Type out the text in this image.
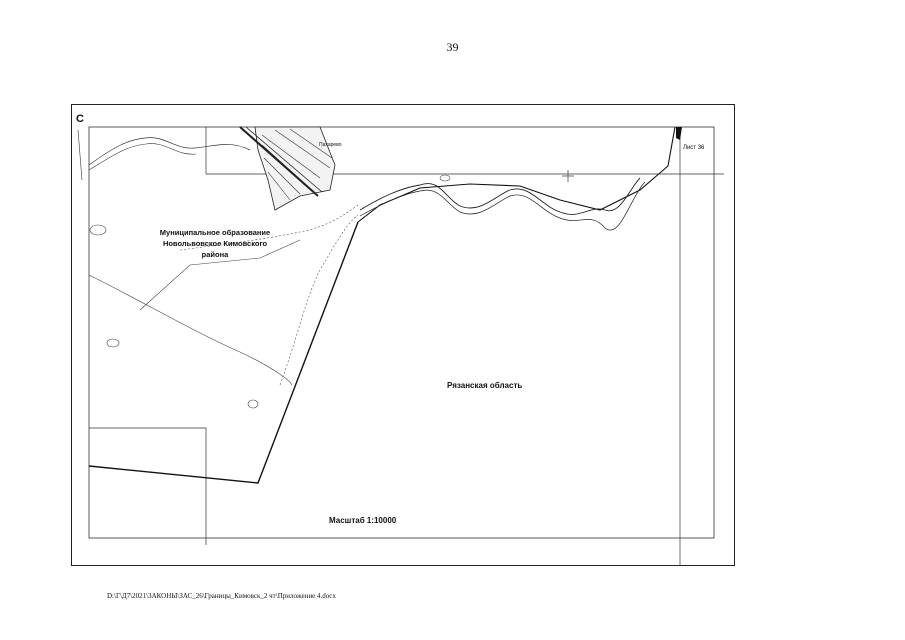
39
C
Муниципальное образование Новольвовское Кимовского района
Рязанская область
Масштаб 1:10000
Лист 36
Пахарево
D:\Г\Д7\2021\ЗАКОНЫ\ЗАС_26\Границы_Кимовск_2 чт\Приложение 4.docx
